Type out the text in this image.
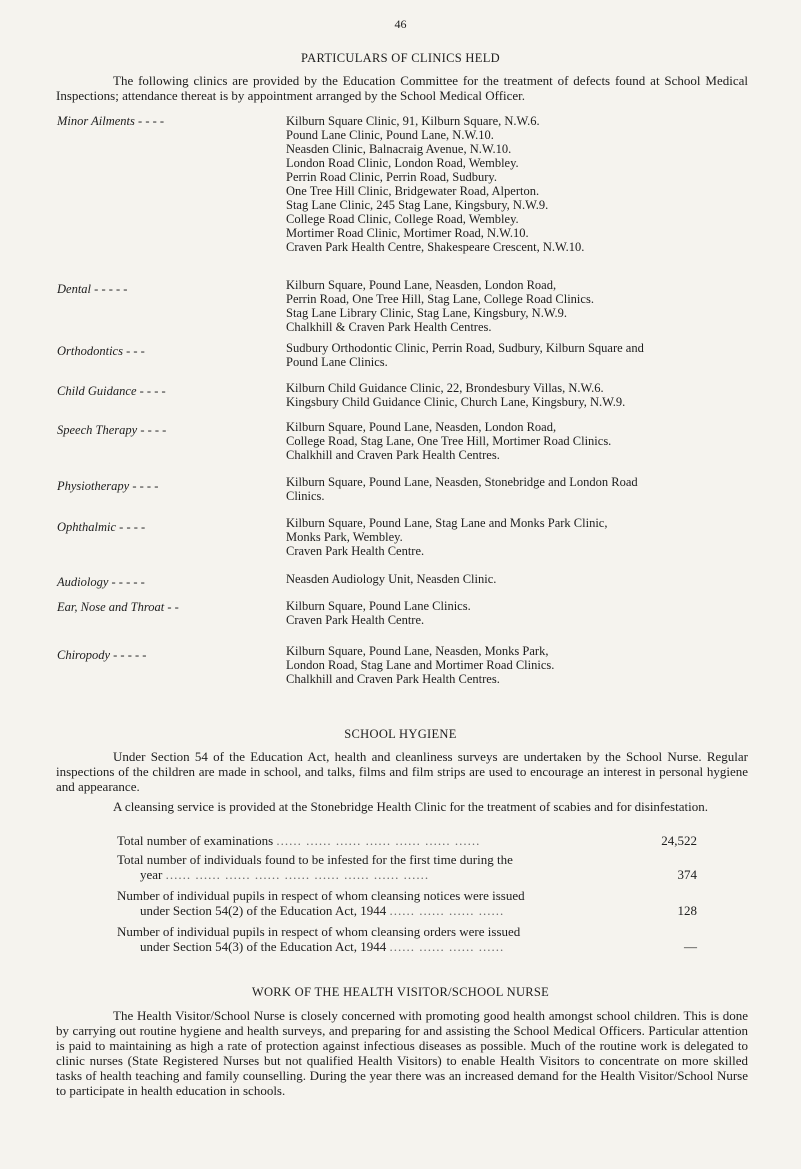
46
PARTICULARS OF CLINICS HELD
The following clinics are provided by the Education Committee for the treatment of defects found at School Medical Inspections; attendance thereat is by appointment arranged by the School Medical Officer.
Minor Ailments - - - -	Kilburn Square Clinic, 91, Kilburn Square, N.W.6.
Pound Lane Clinic, Pound Lane, N.W.10.
Neasden Clinic, Balnacraig Avenue, N.W.10.
London Road Clinic, London Road, Wembley.
Perrin Road Clinic, Perrin Road, Sudbury.
One Tree Hill Clinic, Bridgewater Road, Alperton.
Stag Lane Clinic, 245 Stag Lane, Kingsbury, N.W.9.
College Road Clinic, College Road, Wembley.
Mortimer Road Clinic, Mortimer Road, N.W.10.
Craven Park Health Centre, Shakespeare Crescent, N.W.10.
Dental - - - - -	Kilburn Square, Pound Lane, Neasden, London Road,
Perrin Road, One Tree Hill, Stag Lane, College Road Clinics.
Stag Lane Library Clinic, Stag Lane, Kingsbury, N.W.9.
Chalkhill & Craven Park Health Centres.
Orthodontics - - -	Sudbury Orthodontic Clinic, Perrin Road, Sudbury, Kilburn Square and
Pound Lane Clinics.
Child Guidance - - - -	Kilburn Child Guidance Clinic, 22, Brondesbury Villas, N.W.6.
Kingsbury Child Guidance Clinic, Church Lane, Kingsbury, N.W.9.
Speech Therapy - - - -	Kilburn Square, Pound Lane, Neasden, London Road,
College Road, Stag Lane, One Tree Hill, Mortimer Road Clinics.
Chalkhill and Craven Park Health Centres.
Physiotherapy - - - -	Kilburn Square, Pound Lane, Neasden, Stonebridge and London Road
Clinics.
Ophthalmic - - - -	Kilburn Square, Pound Lane, Stag Lane and Monks Park Clinic,
Monks Park, Wembley.
Craven Park Health Centre.
Audiology - - - - -	Neasden Audiology Unit, Neasden Clinic.
Ear, Nose and Throat - -	Kilburn Square, Pound Lane Clinics.
Craven Park Health Centre.
Chiropody - - - - -	Kilburn Square, Pound Lane, Neasden, Monks Park,
London Road, Stag Lane and Mortimer Road Clinics.
Chalkhill and Craven Park Health Centres.
SCHOOL HYGIENE
Under Section 54 of the Education Act, health and cleanliness surveys are undertaken by the School Nurse. Regular inspections of the children are made in school, and talks, films and film strips are used to encourage an interest in personal hygiene and appearance.
A cleansing service is provided at the Stonebridge Health Clinic for the treatment of scabies and for disinfestation.
Total number of examinations ...... ...... ...... ...... ...... ...... ......	24,522
Total number of individuals found to be infested for the first time during the
year ...... ...... ...... ...... ...... ...... ...... ...... ......	374
Number of individual pupils in respect of whom cleansing notices were issued
under Section 54(2) of the Education Act, 1944 ...... ...... ...... ......	128
Number of individual pupils in respect of whom cleansing orders were issued
under Section 54(3) of the Education Act, 1944 ...... ...... ...... ......	—
WORK OF THE HEALTH VISITOR/SCHOOL NURSE
The Health Visitor/School Nurse is closely concerned with promoting good health amongst school children. This is done by carrying out routine hygiene and health surveys, and preparing for and assisting the School Medical Officers. Particular attention is paid to maintaining as high a rate of protection against infectious diseases as possible. Much of the routine work is delegated to clinic nurses (State Registered Nurses but not qualified Health Visitors) to enable Health Visitors to concentrate on more skilled tasks of health teaching and family counselling. During the year there was an increased demand for the Health Visitor/School Nurse to participate in health education in schools.
